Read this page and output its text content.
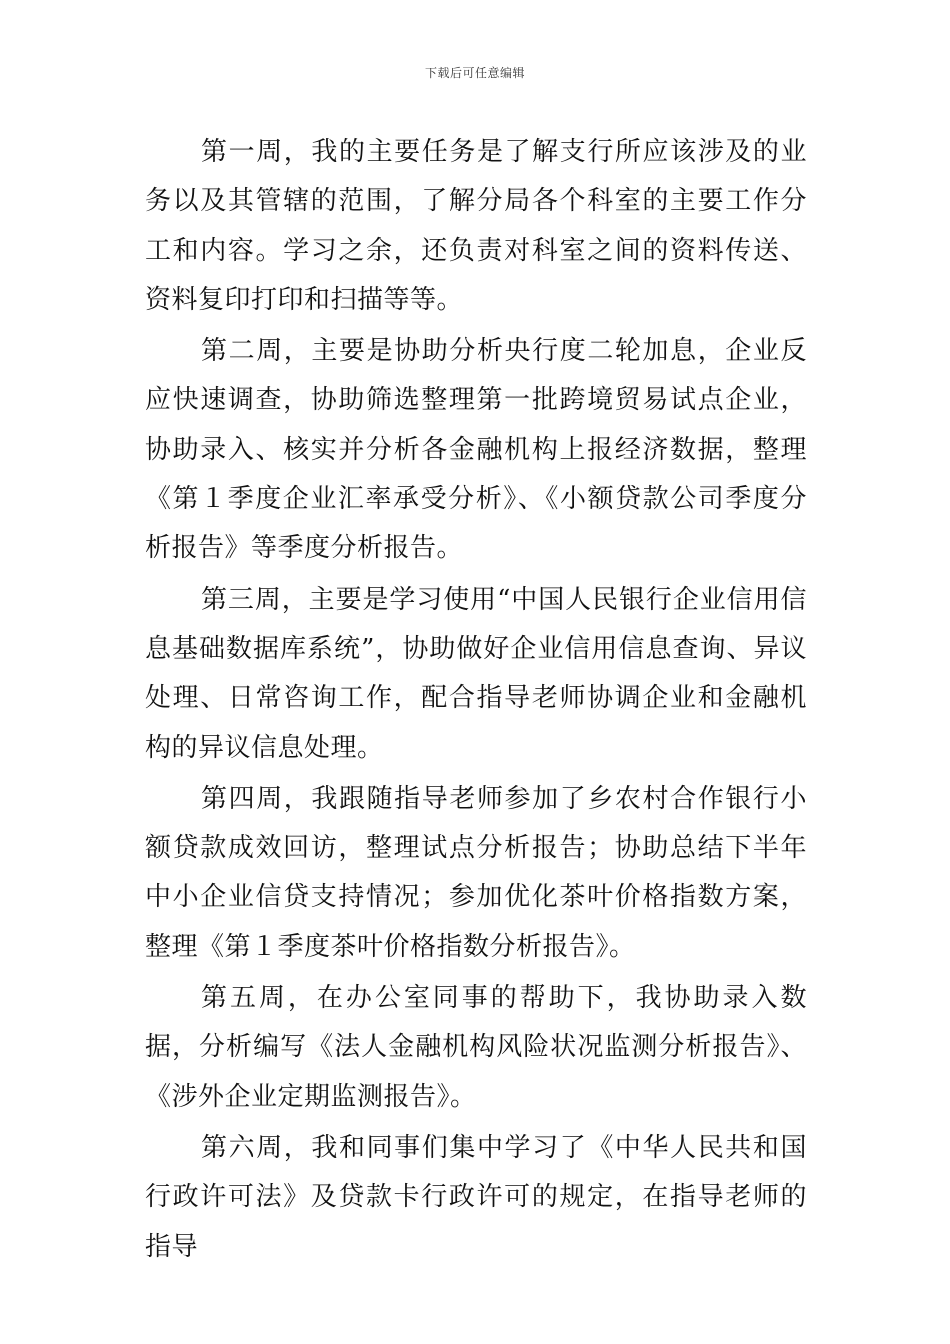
下载后可任意编辑

第一周，我的主要任务是了解支行所应该涉及的业务以及其管辖的范围，了解分局各个科室的主要工作分工和内容。学习之余，还负责对科室之间的资料传送、资料复印打印和扫描等等。

第二周，主要是协助分析央行度二轮加息，企业反应快速调查，协助筛选整理第一批跨境贸易试点企业，协助录入、核实并分析各金融机构上报经济数据，整理《第１季度企业汇率承受分析》、《小额贷款公司季度分析报告》等季度分析报告。

第三周，主要是学习使用“中国人民银行企业信用信息基础数据库系统”，协助做好企业信用信息查询、异议处理、日常咨询工作，配合指导老师协调企业和金融机构的异议信息处理。

第四周，我跟随指导老师参加了乡农村合作银行小额贷款成效回访，整理试点分析报告；协助总结下半年中小企业信贷支持情况；参加优化茶叶价格指数方案，整理《第１季度茶叶价格指数分析报告》。

第五周，在办公室同事的帮助下，我协助录入数据，分析编写《法人金融机构风险状况监测分析报告》、《涉外企业定期监测报告》。

第六周，我和同事们集中学习了《中华人民共和国行政许可法》及贷款卡行政许可的规定，在指导老师的指导
